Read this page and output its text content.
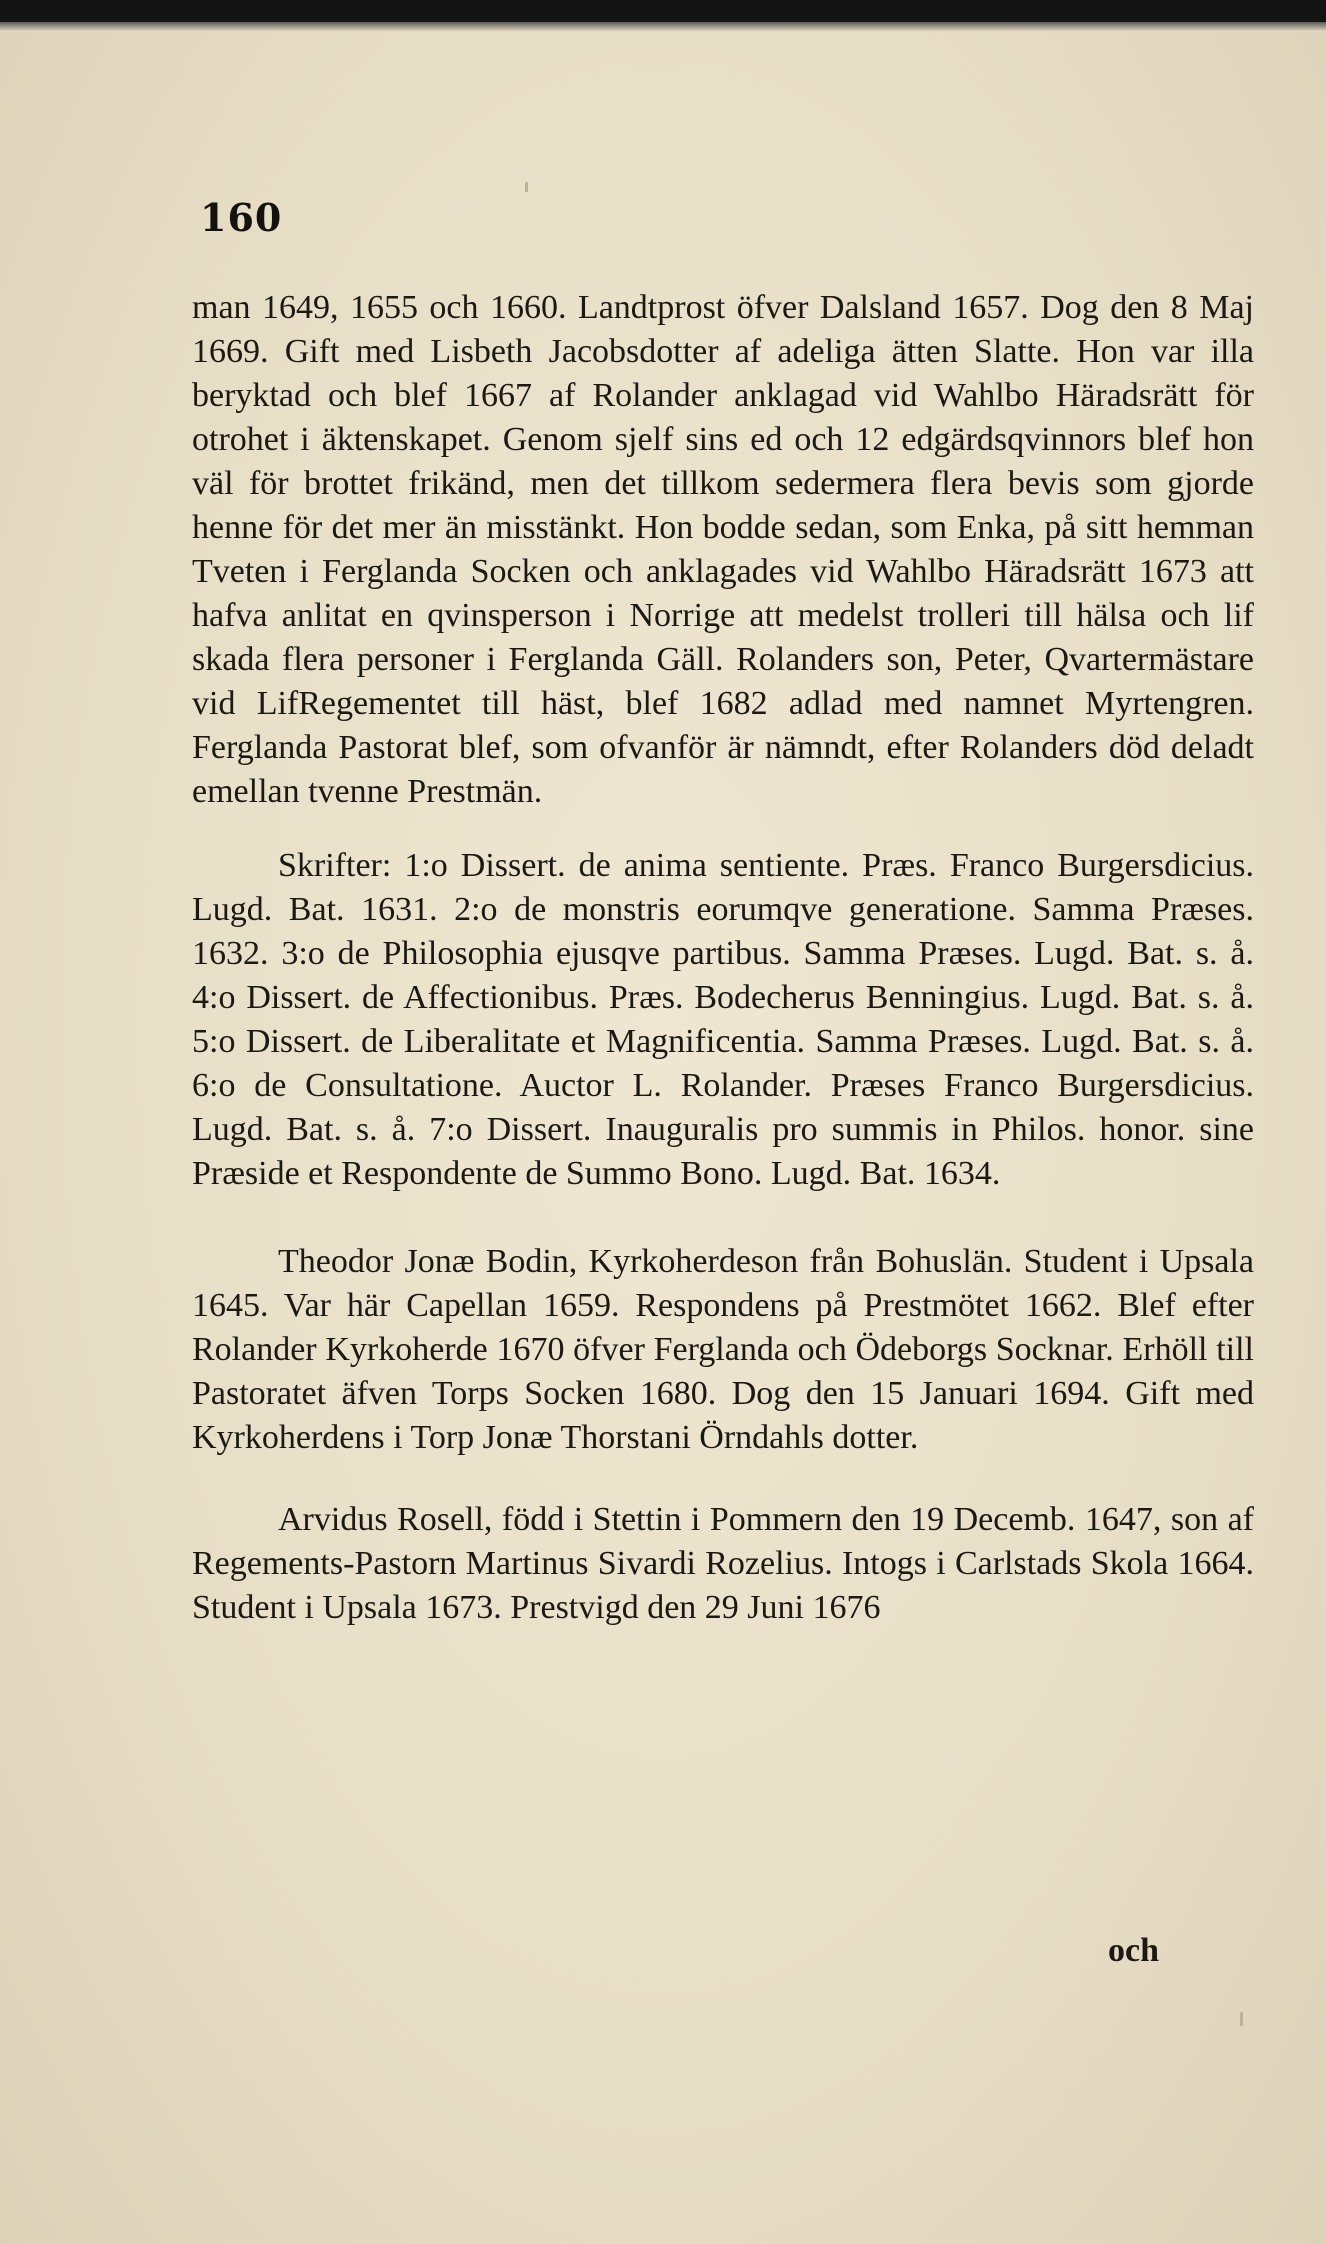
160

man 1649, 1655 och 1660. Landtprost öfver Dalsland 1657. Dog den 8 Maj 1669. Gift med Lisbeth Jacobsdotter af adeliga ätten Slatte. Hon var illa beryktad och blef 1667 af Rolander anklagad vid Wahlbo Häradsrätt för otrohet i äktenskapet. Genom sjelf sins ed och 12 edgärdsqvinnors blef hon väl för brottet frikänd, men det tillkom sedermera flera bevis som gjorde henne för det mer än misstänkt. Hon bodde sedan, som Enka, på sitt hemman Tveten i Ferglanda Socken och anklagades vid Wahlbo Häradsrätt 1673 att hafva anlitat en qvinsperson i Norrige att medelst trolleri till hälsa och lif skada flera personer i Ferglanda Gäll. Rolanders son, Peter, Qvartermästare vid LifRegementet till häst, blef 1682 adlad med namnet Myrtengren. Ferglanda Pastorat blef, som ofvanför är nämndt, efter Rolanders död deladt emellan tvenne Prestmän.

Skrifter: 1:o Dissert. de anima sentiente. Præs. Franco Burgersdicius. Lugd. Bat. 1631. 2:o de monstris eorumqve generatione. Samma Præses. 1632. 3:o de Philosophia ejusqve partibus. Samma Præses. Lugd. Bat. s. å. 4:o Dissert. de Affectionibus. Præs. Bodecherus Benningius. Lugd. Bat. s. å. 5:o Dissert. de Liberalitate et Magnificentia. Samma Præses. Lugd. Bat. s. å. 6:o de Consultatione. Auctor L. Rolander. Præses Franco Burgersdicius. Lugd. Bat. s. å. 7:o Dissert. Inauguralis pro summis in Philos. honor. sine Præside et Respondente de Summo Bono. Lugd. Bat. 1634.

Theodor Jonæ Bodin, Kyrkoherdeson från Bohuslän. Student i Upsala 1645. Var här Capellan 1659. Respondens på Prestmötet 1662. Blef efter Rolander Kyrkoherde 1670 öfver Ferglanda och Ödeborgs Socknar. Erhöll till Pastoratet äfven Torps Socken 1680. Dog den 15 Januari 1694. Gift med Kyrkoherdens i Torp Jonæ Thorstani Örndahls dotter.

Arvidus Rosell, född i Stettin i Pommern den 19 Decemb. 1647, son af Regements-Pastorn Martinus Sivardi Rozelius. Intogs i Carlstads Skola 1664. Student i Upsala 1673. Prestvigd den 29 Juni 1676

och
